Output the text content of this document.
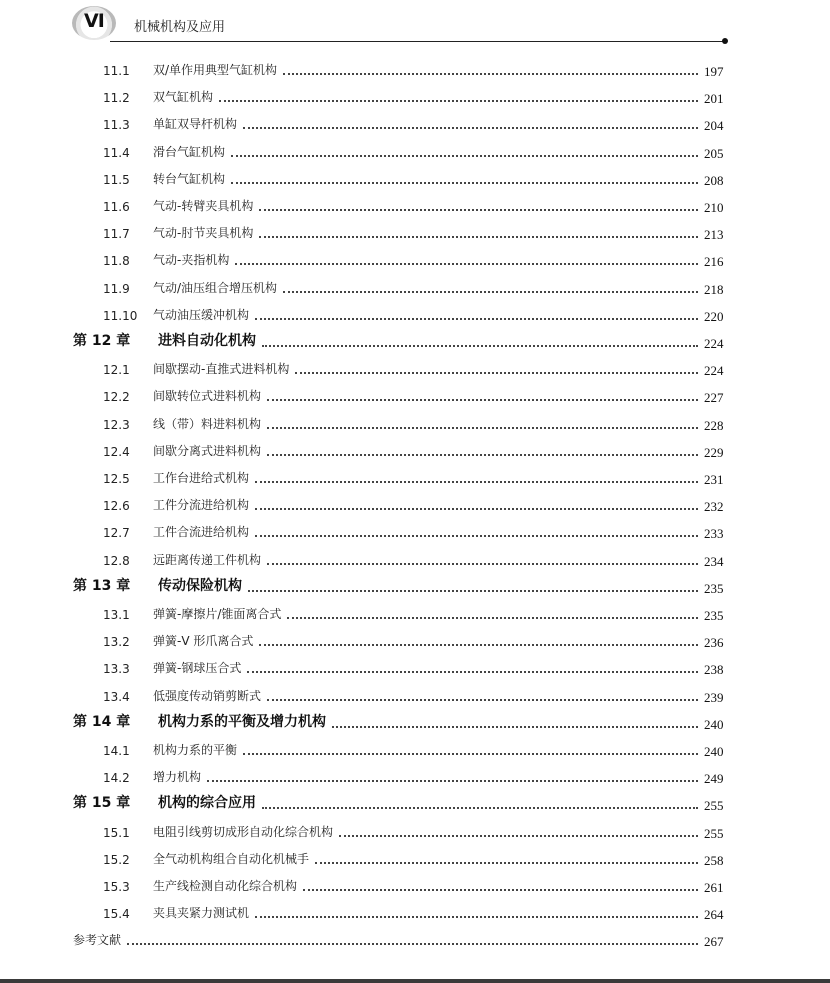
VI 机械机构及应用
11.1 双/单作用典型气缸机构	197
11.2 双气缸机构	201
11.3 单缸双导杆机构	204
11.4 滑台气缸机构	205
11.5 转台气缸机构	208
11.6 气动-转臂夹具机构	210
11.7 气动-肘节夹具机构	213
11.8 气动-夹指机构	216
11.9 气动/油压组合增压机构	218
11.10 气动油压缓冲机构	220
第 12 章 进料自动化机构	224
12.1 间歇摆动-直推式进料机构	224
12.2 间歇转位式进料机构	227
12.3 线（带）料进料机构	228
12.4 间歇分离式进料机构	229
12.5 工作台进给式机构	231
12.6 工件分流进给机构	232
12.7 工件合流进给机构	233
12.8 远距离传递工件机构	234
第 13 章 传动保险机构	235
13.1 弹簧-摩擦片/锥面离合式	235
13.2 弹簧-V 形爪离合式	236
13.3 弹簧-钢球压合式	238
13.4 低强度传动销剪断式	239
第 14 章 机构力系的平衡及增力机构	240
14.1 机构力系的平衡	240
14.2 增力机构	249
第 15 章 机构的综合应用	255
15.1 电阻引线剪切成形自动化综合机构	255
15.2 全气动机构组合自动化机械手	258
15.3 生产线检测自动化综合机构	261
15.4 夹具夹紧力测试机	264
参考文献	267
